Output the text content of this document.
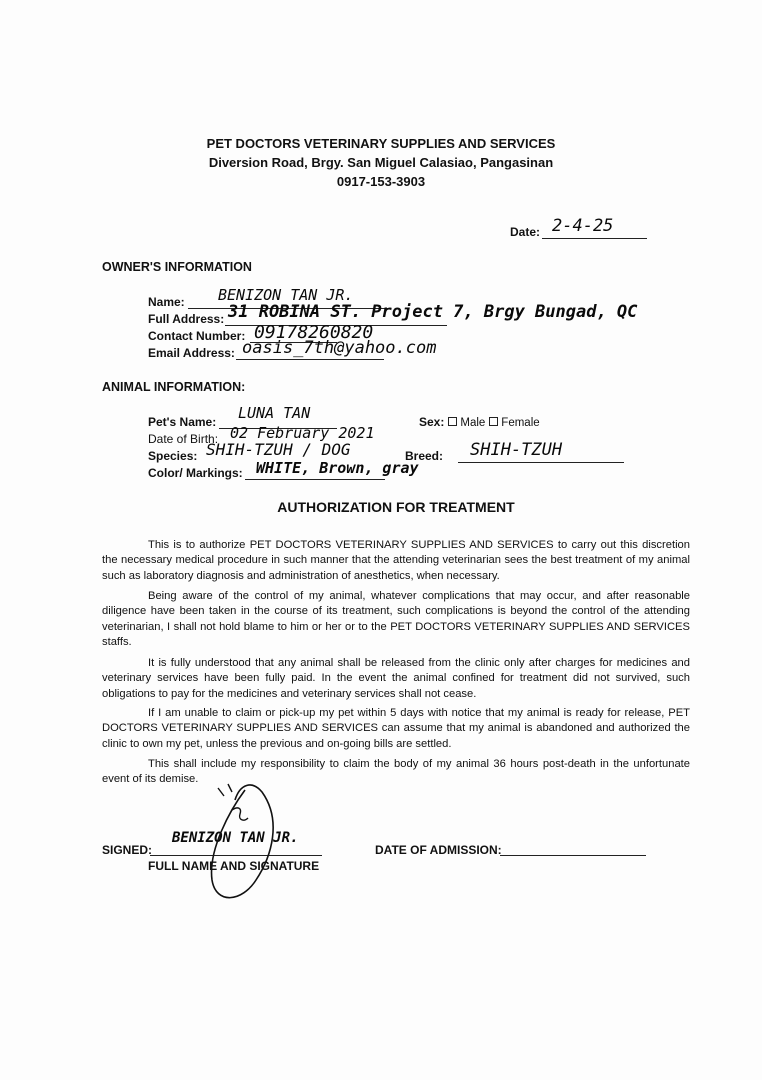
PET DOCTORS VETERINARY SUPPLIES AND SERVICES
Diversion Road, Brgy. San Miguel Calasiao, Pangasinan
0917-153-3903
Date: 2-4-25
OWNER'S INFORMATION
Name: BENIZON TAN JR.
Full Address: 31 ROBINA ST. Project 7, Brgy Bungad, QC
Contact Number: 09178260820
Email Address: oasis_7th@yahoo.com
ANIMAL INFORMATION:
Pet's Name: LUNA TAN	Sex: Male Female
Date of Birth: 02 February 2021
Species: SHIH-TZUH / DOG	Breed: SHIH-TZUH
Color/ Markings: WHITE, Brown, gray
AUTHORIZATION FOR TREATMENT
This is to authorize PET DOCTORS VETERINARY SUPPLIES AND SERVICES to carry out this discretion the necessary medical procedure in such manner that the attending veterinarian sees the best treatment of my animal such as laboratory diagnosis and administration of anesthetics, when necessary.
Being aware of the control of my animal, whatever complications that may occur, and after reasonable diligence have been taken in the course of its treatment, such complications is beyond the control of the attending veterinarian, I shall not hold blame to him or her or to the PET DOCTORS VETERINARY SUPPLIES AND SERVICES staffs.
It is fully understood that any animal shall be released from the clinic only after charges for medicines and veterinary services have been fully paid. In the event the animal confined for treatment did not survived, such obligations to pay for the medicines and veterinary services shall not cease.
If I am unable to claim or pick-up my pet within 5 days with notice that my animal is ready for release, PET DOCTORS VETERINARY SUPPLIES AND SERVICES can assume that my animal is abandoned and authorized the clinic to own my pet, unless the previous and on-going bills are settled.
This shall include my responsibility to claim the body of my animal 36 hours post-death in the unfortunate event of its demise.
SIGNED:
BENIZON TAN JR.
FULL NAME AND SIGNATURE
DATE OF ADMISSION:
